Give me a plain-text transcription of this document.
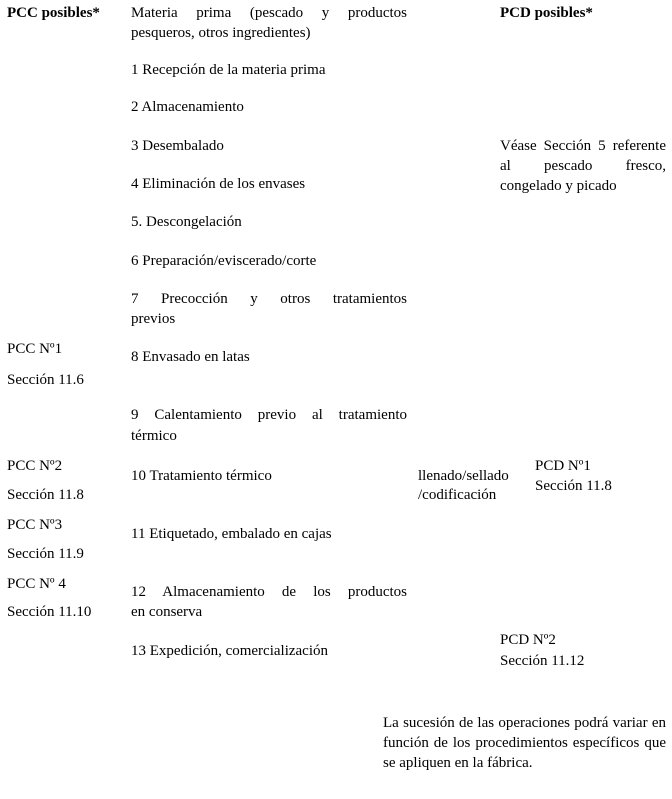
PCC posibles* Materia prima (pescado y productos
pesqueros, otros ingredientes)
PCD posibles*
1 Recepción de la materia prima
2 Almacenamiento
3 Desembalado
4 Eliminación de los envases
5. Descongelación
6 Preparación/eviscerado/corte
7 Precocción y otros tratamientos
previos
8 Envasado en latas
9 Calentamiento previo al tratamiento
térmico
10 Tratamiento térmico
11 Etiquetado, embalado en cajas
12 Almacenamiento de los productos
en conserva
13 Expedición, comercialización
llenado/sellado
/codificación
PCC Nº1
Sección 11.6
PCC Nº2
Sección 11.8
PCC Nº3
Sección 11.9
PCC Nº 4
Sección 11.10
PCD Nº1
Sección 11.8
PCD Nº2
Sección 11.12
Véase Sección 5 referente al pescado fresco, congelado y picado
La sucesión de las operaciones podrá variar en función de los procedimientos específicos que se apliquen en la fábrica.
